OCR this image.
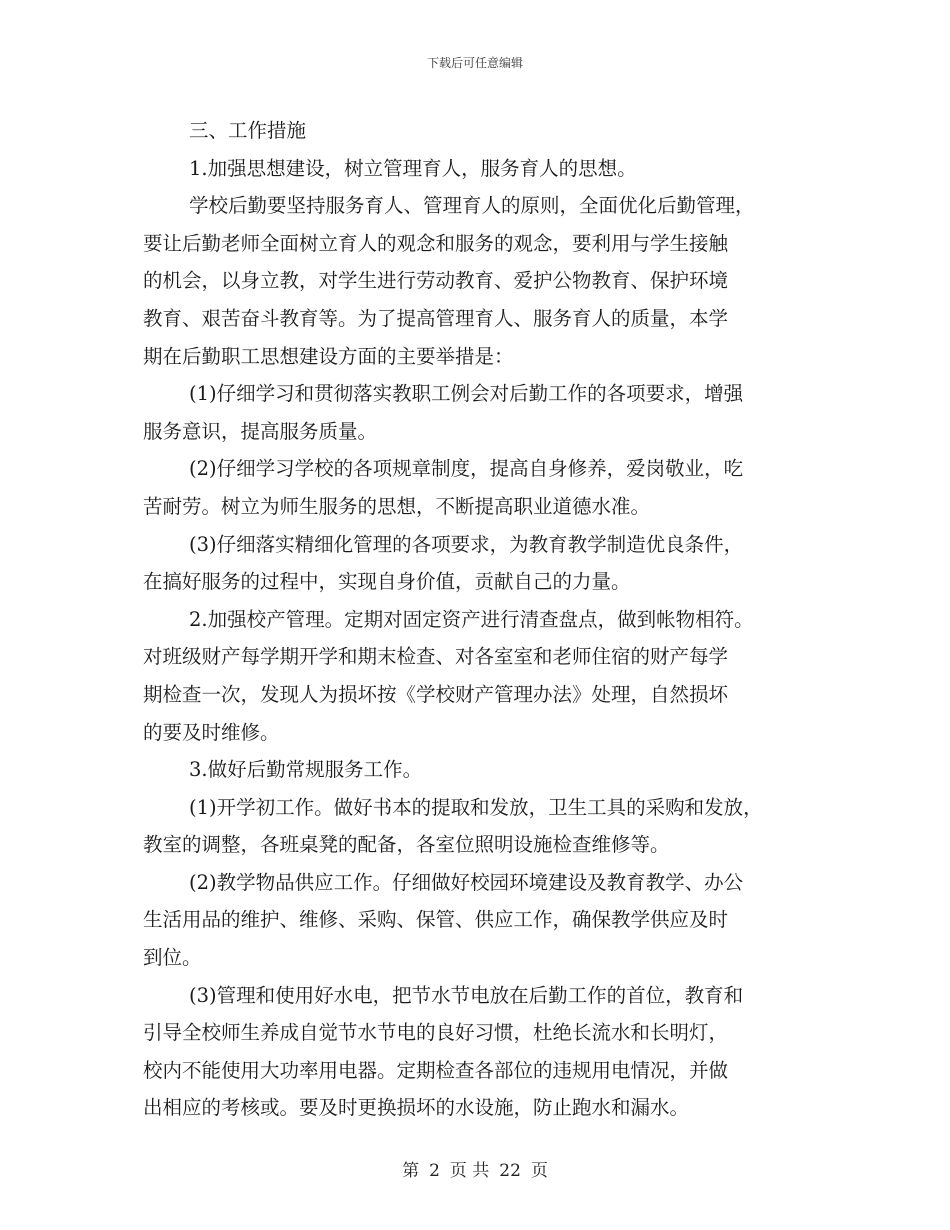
下载后可任意编辑

三、工作措施

1.加强思想建设，树立管理育人，服务育人的思想。

学校后勤要坚持服务育人、管理育人的原则，全面优化后勤管理，

要让后勤老师全面树立育人的观念和服务的观念，要利用与学生接触

的机会，以身立教，对学生进行劳动教育、爱护公物教育、保护环境

教育、艰苦奋斗教育等。为了提高管理育人、服务育人的质量，本学

期在后勤职工思想建设方面的主要举措是：

(1)仔细学习和贯彻落实教职工例会对后勤工作的各项要求，增强

服务意识，提高服务质量。

(2)仔细学习学校的各项规章制度，提高自身修养，爱岗敬业，吃

苦耐劳。树立为师生服务的思想，不断提高职业道德水准。

(3)仔细落实精细化管理的各项要求，为教育教学制造优良条件，

在搞好服务的过程中，实现自身价值，贡献自己的力量。

2.加强校产管理。定期对固定资产进行清查盘点，做到帐物相符。

对班级财产每学期开学和期末检查、对各室室和老师住宿的财产每学

期检查一次，发现人为损坏按《学校财产管理办法》处理，自然损坏

的要及时维修。

3.做好后勤常规服务工作。

(1)开学初工作。做好书本的提取和发放，卫生工具的采购和发放，

教室的调整，各班桌凳的配备，各室位照明设施检查维修等。

(2)教学物品供应工作。仔细做好校园环境建设及教育教学、办公

生活用品的维护、维修、采购、保管、供应工作，确保教学供应及时

到位。

(3)管理和使用好水电，把节水节电放在后勤工作的首位，教育和

引导全校师生养成自觉节水节电的良好习惯，杜绝长流水和长明灯，

校内不能使用大功率用电器。定期检查各部位的违规用电情况，并做

出相应的考核或。要及时更换损坏的水设施，防止跑水和漏水。

第 2 页 共 22 页
